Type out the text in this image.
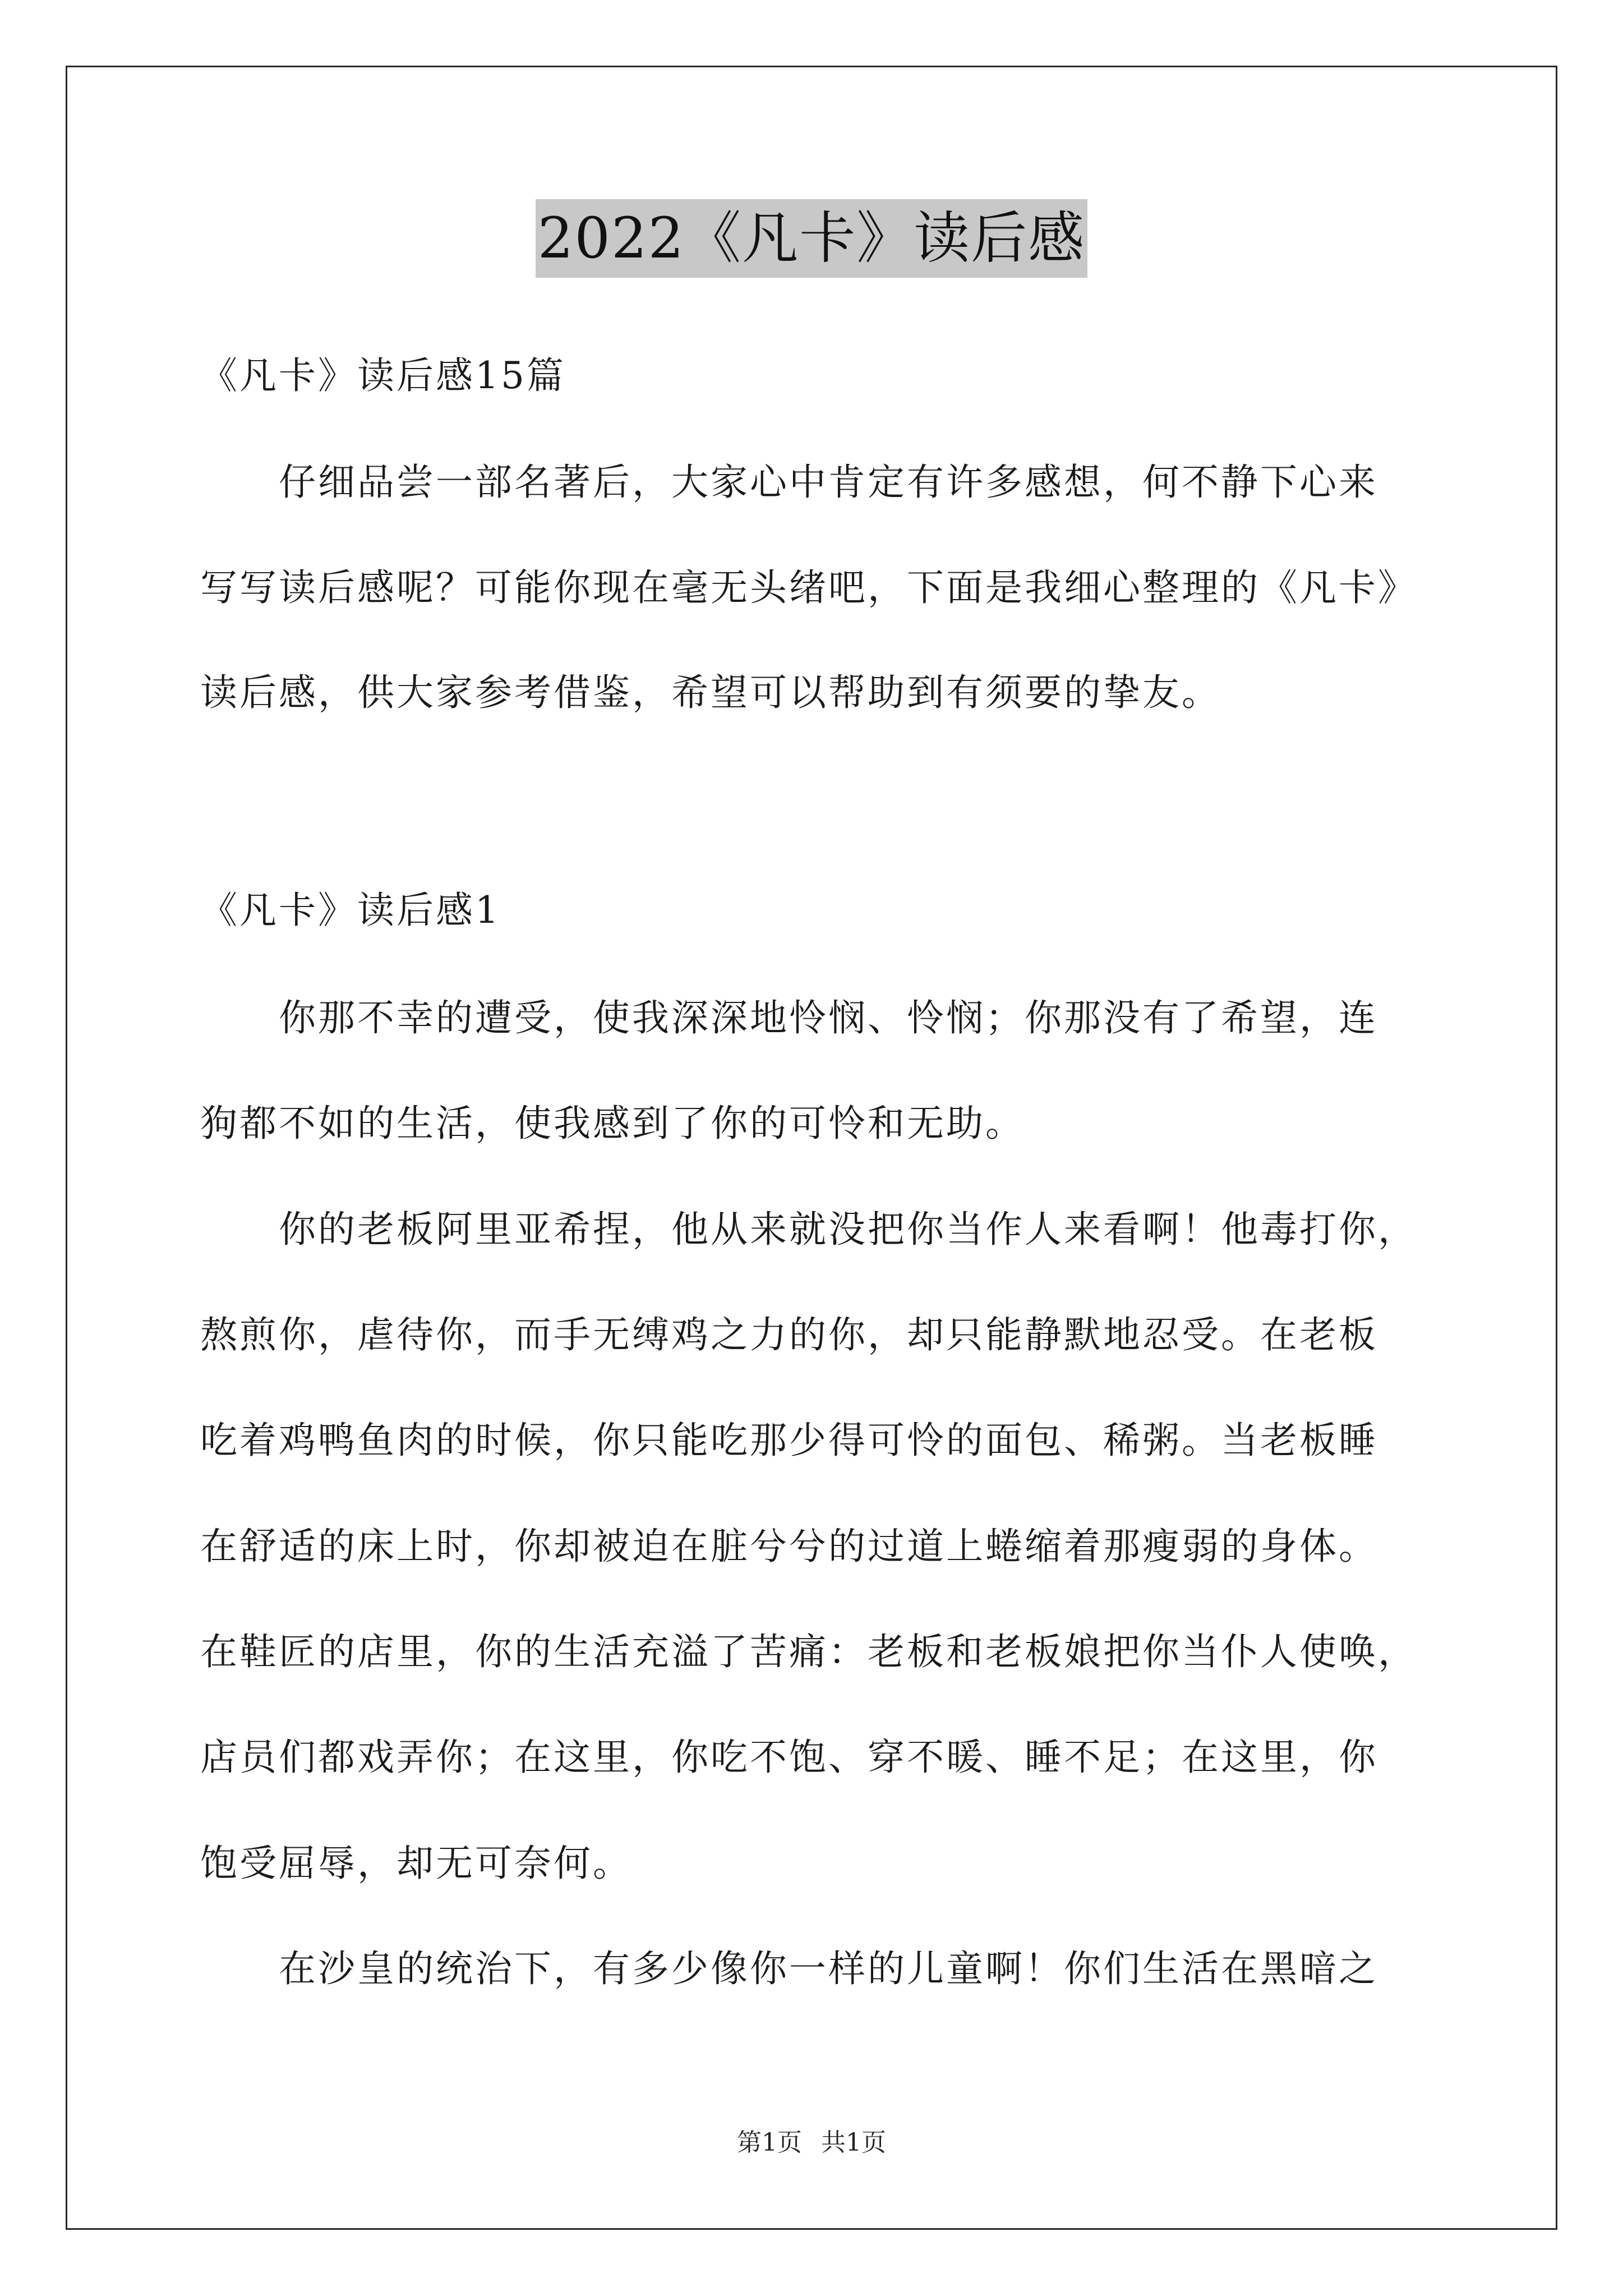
2022《凡卡》读后感
《凡卡》读后感15篇
仔细品尝一部名著后，大家心中肯定有许多感想，何不静下心来
写写读后感呢？可能你现在毫无头绪吧，下面是我细心整理的《凡卡》
读后感，供大家参考借鉴，希望可以帮助到有须要的挚友。
《凡卡》读后感1
你那不幸的遭受，使我深深地怜悯、怜悯；你那没有了希望，连
狗都不如的生活，使我感到了你的可怜和无助。
你的老板阿里亚希捏，他从来就没把你当作人来看啊！他毒打你，
熬煎你，虐待你，而手无缚鸡之力的你，却只能静默地忍受。在老板
吃着鸡鸭鱼肉的时候，你只能吃那少得可怜的面包、稀粥。当老板睡
在舒适的床上时，你却被迫在脏兮兮的过道上蜷缩着那瘦弱的身体。
在鞋匠的店里，你的生活充溢了苦痛：老板和老板娘把你当仆人使唤，
店员们都戏弄你；在这里，你吃不饱、穿不暖、睡不足；在这里，你
饱受屈辱，却无可奈何。
在沙皇的统治下，有多少像你一样的儿童啊！你们生活在黑暗之
第1页 共1页
